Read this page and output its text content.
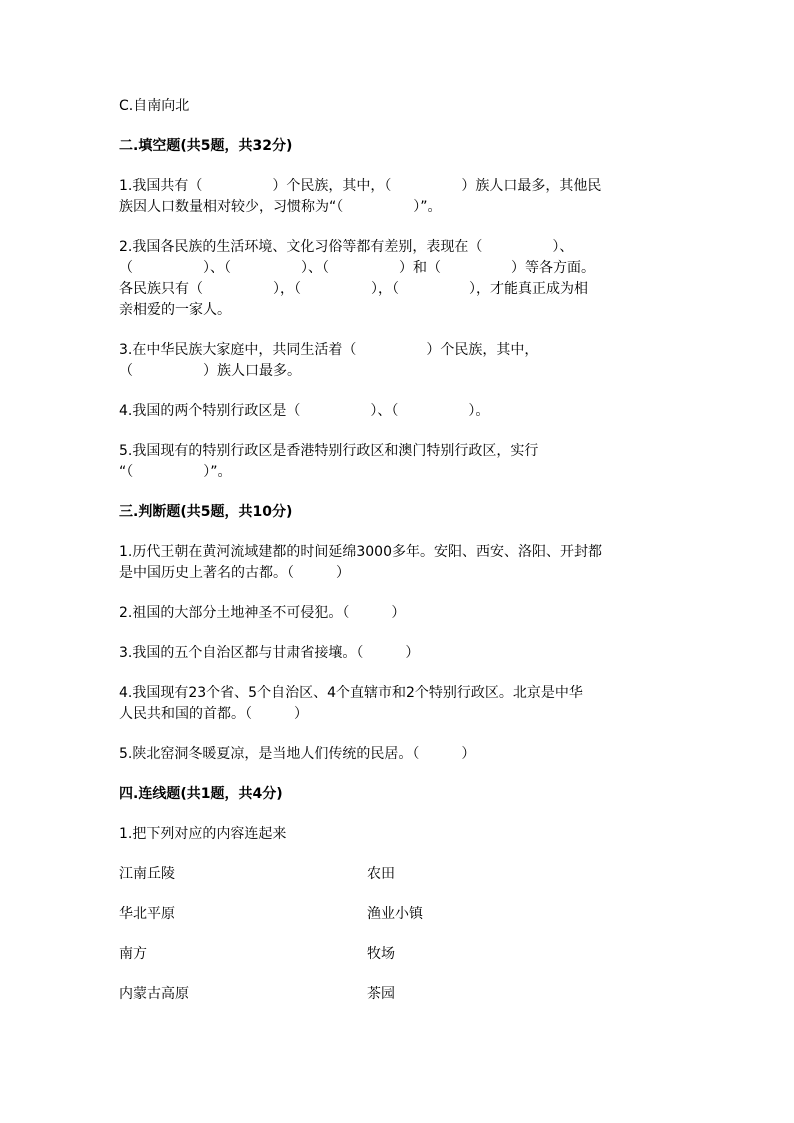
C.自南向北
二.填空题(共5题，共32分)
1.我国共有（　　　　　）个民族，其中，（　　　　　）族人口最多，其他民
族因人口数量相对较少，习惯称为“（　　　　　）”。
2.我国各民族的生活环境、文化习俗等都有差别，表现在（　　　　　）、
（　　　　　）、（　　　　　）、（　　　　　）和（　　　　　）等各方面。
各民族只有（　　　　　），（　　　　　），（　　　　　），才能真正成为相
亲相爱的一家人。
3.在中华民族大家庭中，共同生活着（　　　　　）个民族，其中，
（　　　　　）族人口最多。
4.我国的两个特别行政区是（　　　　　）、（　　　　　）。
5.我国现有的特别行政区是香港特别行政区和澳门特别行政区，实行
“（　　　　　）”。
三.判断题(共5题，共10分)
1.历代王朝在黄河流域建都的时间延绵3000多年。安阳、西安、洛阳、开封都
是中国历史上著名的古都。（　　　）
2.祖国的大部分土地神圣不可侵犯。（　　　）
3.我国的五个自治区都与甘肃省接壤。（　　　）
4.我国现有23个省、5个自治区、4个直辖市和2个特别行政区。北京是中华
人民共和国的首都。（　　　）
5.陕北窑洞冬暖夏凉，是当地人们传统的民居。（　　　）
四.连线题(共1题，共4分)
1.把下列对应的内容连起来
江南丘陵	农田
华北平原	渔业小镇
南方	牧场
内蒙古高原	茶园
